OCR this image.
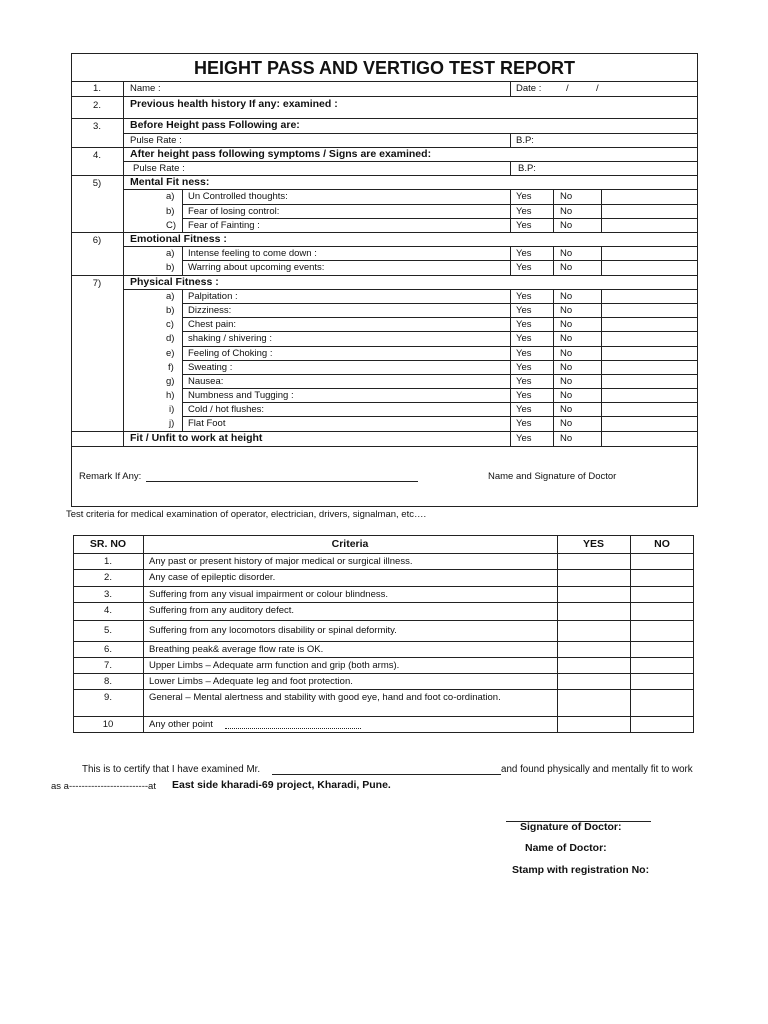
HEIGHT PASS AND VERTIGO TEST REPORT
1.	Name :	Date :	/	/
2.	Previous health history If any: examined :
3.	Before Height pass Following are:
Pulse Rate :	B.P:
4.	After height pass following symptoms / Signs are examined:
Pulse Rate :	B.P:
5)	Mental Fit ness:
a) Un Controlled thoughts:	Yes	No
b) Fear of losing control:	Yes	No
C) Fear of Fainting :	Yes	No
6)	Emotional Fitness :
a) Intense feeling to come down :	Yes	No
b) Warring about upcoming events:	Yes	No
7)	Physical Fitness :
a) Palpitation :	Yes	No
b) Dizziness:	Yes	No
c) Chest pain:	Yes	No
d) shaking / shivering :	Yes	No
e) Feeling of Choking :	Yes	No
f) Sweating :	Yes	No
g) Nausea:	Yes	No
h) Numbness and Tugging :	Yes	No
i) Cold / hot flushes:	Yes	No
j) Flat Foot	Yes	No
Fit / Unfit to work at height	Yes	No
Remark If Any:	Name and Signature of Doctor
Test criteria for medical examination of operator, electrician, drivers, signalman, etc….
SR. NO	Criteria	YES	NO
1.	Any past or present history of major medical or surgical illness.
2.	Any case of epileptic disorder.
3.	Suffering from any visual impairment or colour blindness.
4.	Suffering from any auditory defect.
5.	Suffering from any locomotors disability or spinal deformity.
6.	Breathing peak& average flow rate is OK.
7.	Upper Limbs – Adequate arm function and grip (both arms).
8.	Lower Limbs – Adequate leg and foot protection.
9.	General – Mental alertness and stability with good eye, hand and foot co-ordination.
10	Any other point
This is to certify that I have examined Mr.	and found physically and mentally fit to work
as a-------------------------at East side kharadi-69 project, Kharadi, Pune.
Signature of Doctor:
Name of Doctor:
Stamp with registration No:
